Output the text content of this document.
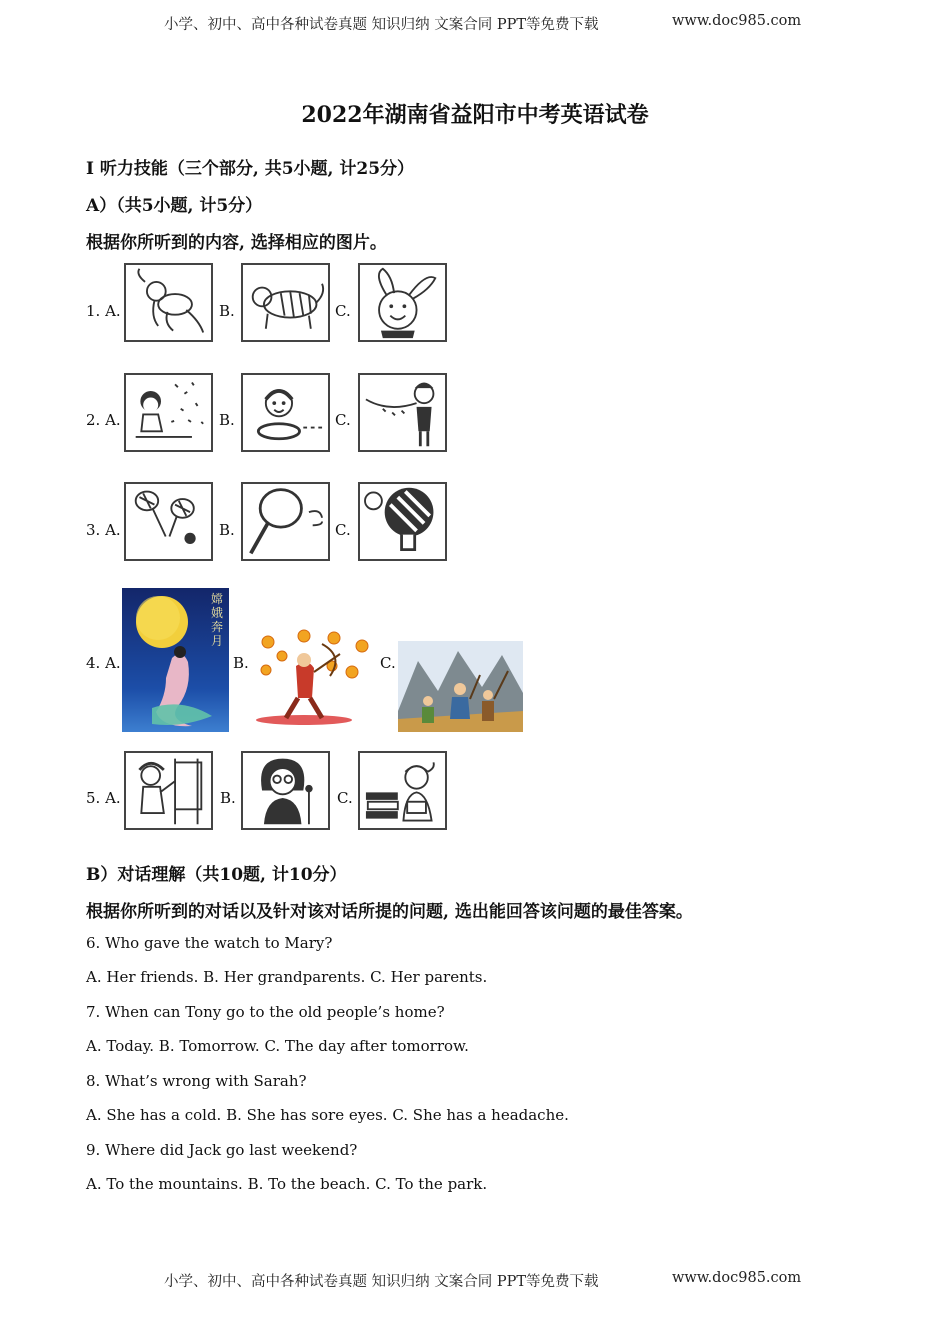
小学、初中、高中各种试卷真题 知识归纳 文案合同 PPT等免费下载	www.doc985.com
2022年湖南省益阳市中考英语试卷
I 听力技能（三个部分, 共5小题, 计25分）
A）（共5小题, 计5分）
根据你所听到的内容, 选择相应的图片。
1. A.	B.	C.
2. A.	B.	C.
3. A.	B.	C.
4. A.
嫦娥奔月
B.	C.
5. A.	B.	C.
B）对话理解（共10题, 计10分）
根据你所听到的对话以及针对该对话所提的问题, 选出能回答该问题的最佳答案。
6. Who gave the watch to Mary?
A. Her friends. B. Her grandparents. C. Her parents.
7. When can Tony go to the old people’s home?
A. Today. B. Tomorrow. C. The day after tomorrow.
8. What’s wrong with Sarah?
A. She has a cold. B. She has sore eyes. C. She has a headache.
9. Where did Jack go last weekend?
A. To the mountains. B. To the beach. C. To the park.
小学、初中、高中各种试卷真题 知识归纳 文案合同 PPT等免费下载	www.doc985.com
